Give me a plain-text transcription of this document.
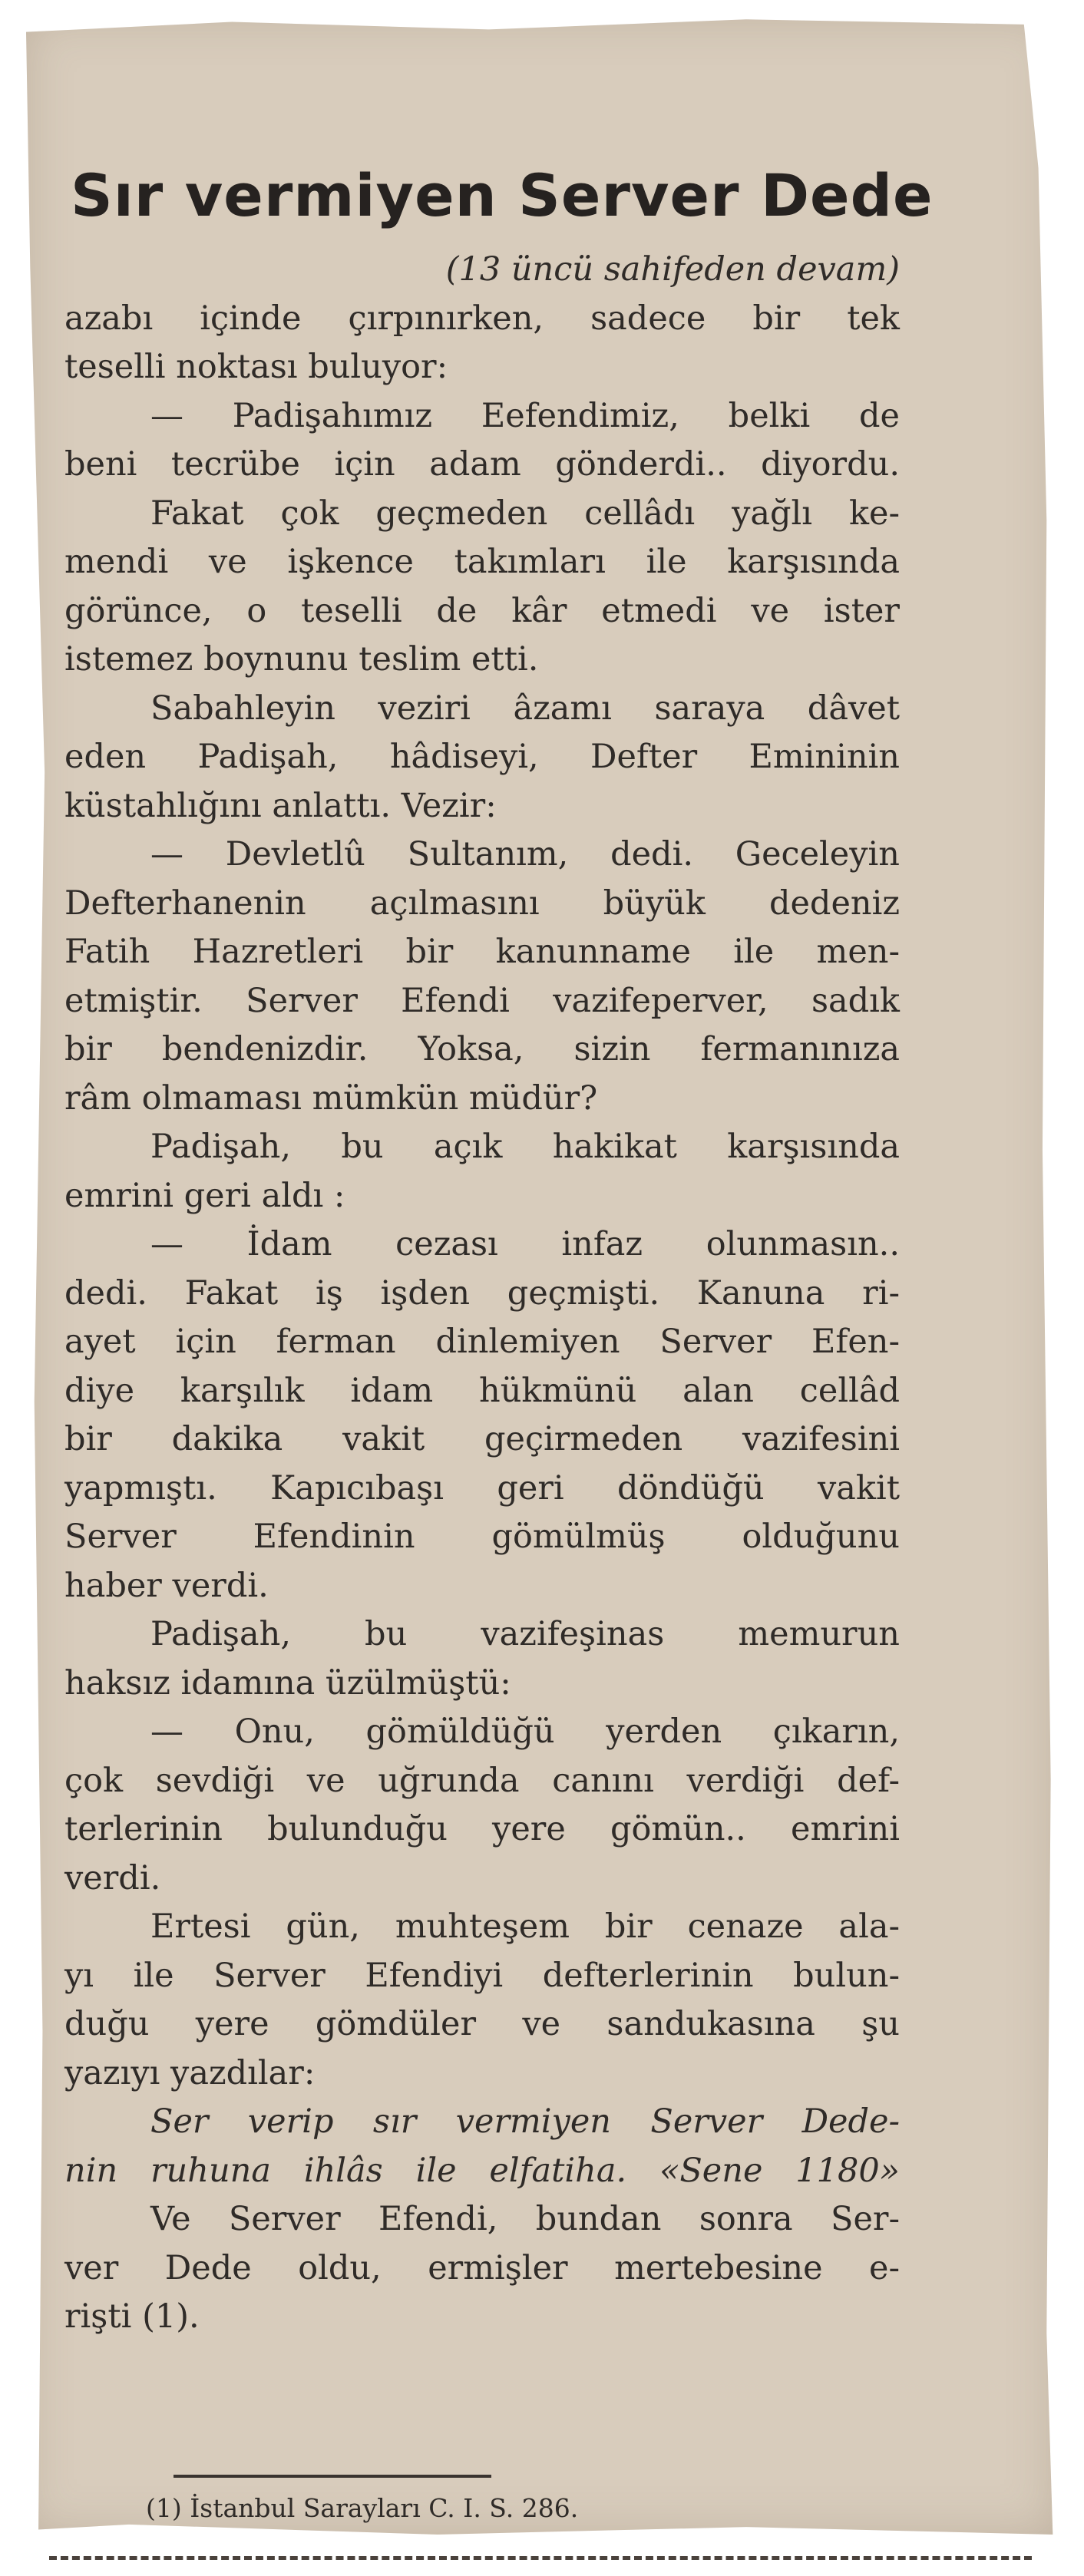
Sır vermiyen Server Dede
(13 üncü sahifeden devam)
azabı içinde çırpınırken, sadece bir tek
teselli noktası buluyor:
— Padişahımız Eefendimiz, belki de
beni tecrübe için adam gönderdi.. diyordu.
Fakat çok geçmeden cellâdı yağlı ke-
mendi ve işkence takımları ile karşısında
görünce, o teselli de kâr etmedi ve ister
istemez boynunu teslim etti.
Sabahleyin veziri âzamı saraya dâvet
eden Padişah, hâdiseyi, Defter Emininin
küstahlığını anlattı. Vezir:
— Devletlû Sultanım, dedi. Geceleyin
Defterhanenin açılmasını büyük dedeniz
Fatih Hazretleri bir kanunname ile men-
etmiştir. Server Efendi vazifeperver, sadık
bir bendenizdir. Yoksa, sizin fermanınıza
râm olmaması mümkün müdür?
Padişah, bu açık hakikat karşısında
emrini geri aldı :
— İdam cezası infaz olunmasın..
dedi. Fakat iş işden geçmişti. Kanuna ri-
ayet için ferman dinlemiyen Server Efen-
diye karşılık idam hükmünü alan cellâd
bir dakika vakit geçirmeden vazifesini
yapmıştı. Kapıcıbaşı geri döndüğü vakit
Server Efendinin gömülmüş olduğunu
haber verdi.
Padişah, bu vazifeşinas memurun
haksız idamına üzülmüştü:
— Onu, gömüldüğü yerden çıkarın,
çok sevdiği ve uğrunda canını verdiği def-
terlerinin bulunduğu yere gömün.. emrini
verdi.
Ertesi gün, muhteşem bir cenaze ala-
yı ile Server Efendiyi defterlerinin bulun-
duğu yere gömdüler ve sandukasına şu
yazıyı yazdılar:
Ser verip sır vermiyen Server Dede-
nin ruhuna ihlâs ile elfatiha. «Sene 1180»
Ve Server Efendi, bundan sonra Ser-
ver Dede oldu, ermişler mertebesine e-
rişti (1).
(1) İstanbul Sarayları C. I. S. 286.
